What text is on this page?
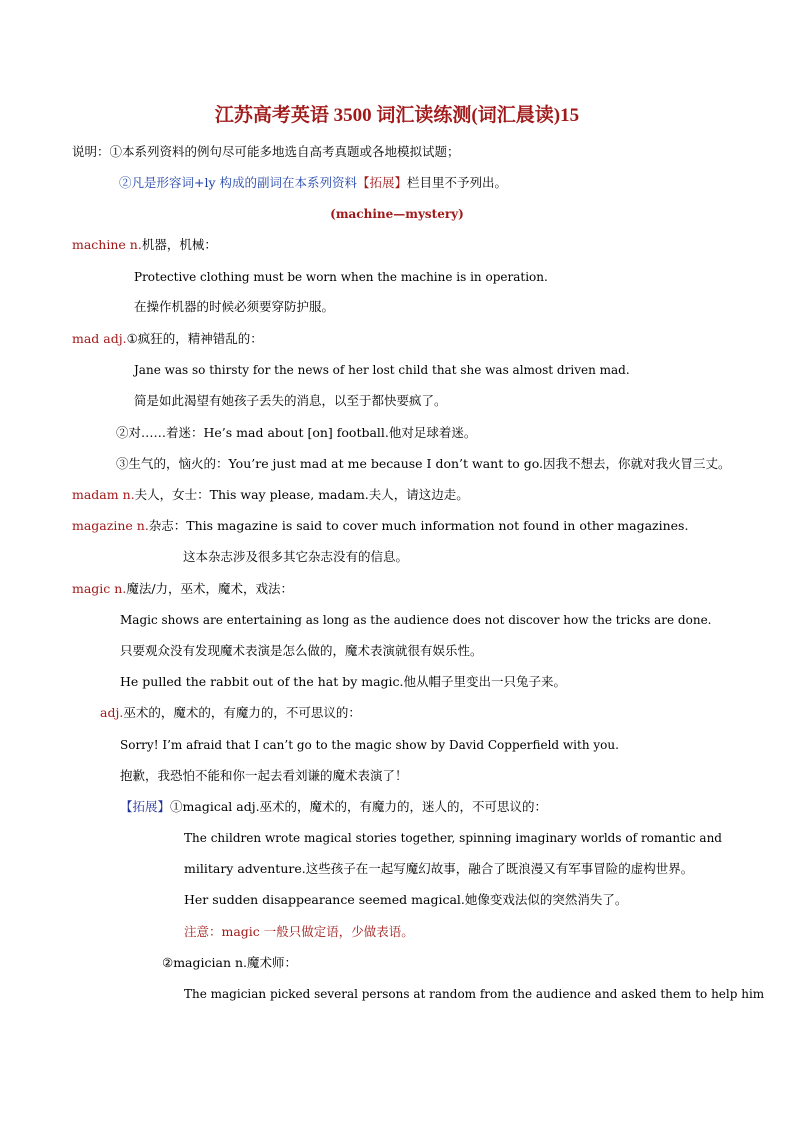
江苏高考英语 3500 词汇读练测(词汇晨读)15
说明：①本系列资料的例句尽可能多地选自高考真题或各地模拟试题；
②凡是形容词+ly 构成的副词在本系列资料【拓展】栏目里不予列出。
(machine—mystery)
machine n.机器，机械：
Protective clothing must be worn when the machine is in operation.
在操作机器的时候必须要穿防护服。
mad adj.①疯狂的，精神错乱的：
Jane was so thirsty for the news of her lost child that she was almost driven mad.
简是如此渴望有她孩子丢失的消息，以至于都快要疯了。
②对……着迷：He’s mad about [on] football.他对足球着迷。
③生气的，恼火的：You’re just mad at me because I don’t want to go.因我不想去，你就对我火冒三丈。
madam n.夫人，女士：This way please, madam.夫人，请这边走。
magazine n.杂志：This magazine is said to cover much information not found in other magazines.
这本杂志涉及很多其它杂志没有的信息。
magic n.魔法/力，巫术，魔术，戏法：
Magic shows are entertaining as long as the audience does not discover how the tricks are done.
只要观众没有发现魔术表演是怎么做的，魔术表演就很有娱乐性。
He pulled the rabbit out of the hat by magic.他从帽子里变出一只兔子来。
adj.巫术的，魔术的，有魔力的，不可思议的：
Sorry! I’m afraid that I can’t go to the magic show by David Copperfield with you.
抱歉，我恐怕不能和你一起去看刘谦的魔术表演了！
【拓展】①magical adj.巫术的，魔术的，有魔力的，迷人的，不可思议的：
The children wrote magical stories together, spinning imaginary worlds of romantic and
military adventure.这些孩子在一起写魔幻故事，融合了既浪漫又有军事冒险的虚构世界。
Her sudden disappearance seemed magical.她像变戏法似的突然消失了。
注意：magic 一般只做定语，少做表语。
②magician n.魔术师：
The magician picked several persons at random from the audience and asked them to help him
